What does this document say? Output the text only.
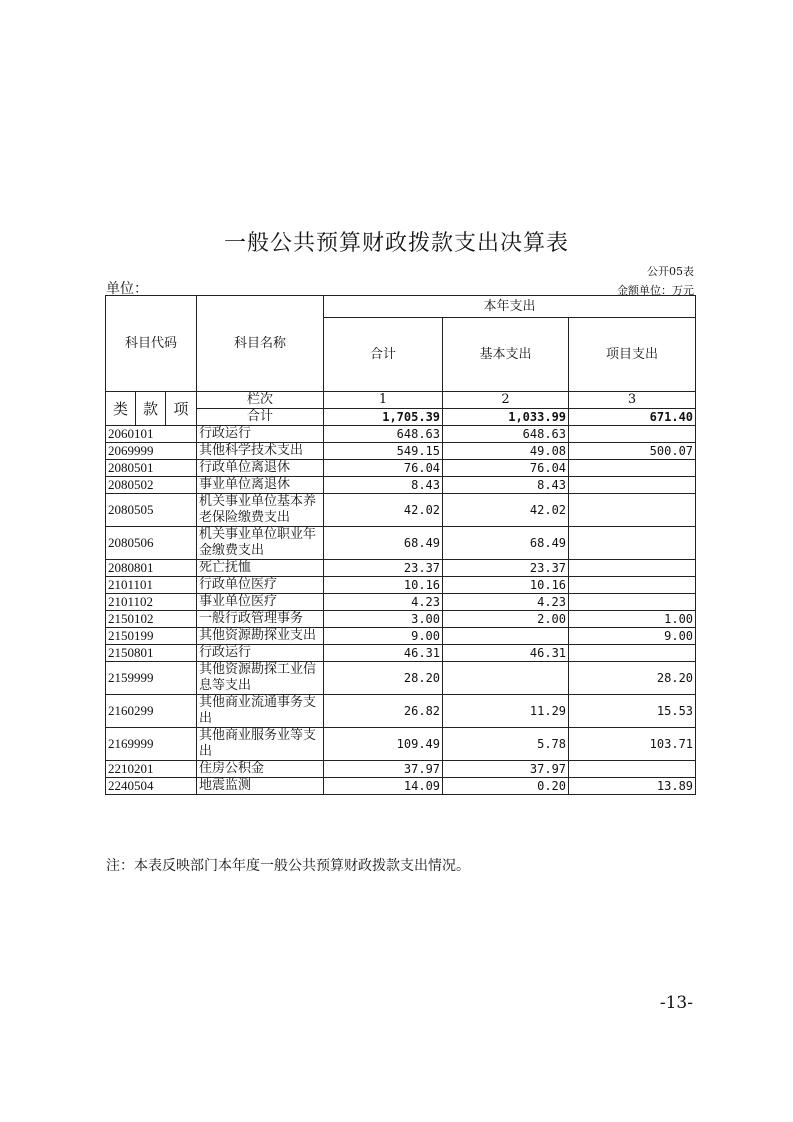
一般公共预算财政拨款支出决算表
公开05表
单位：	金额单位：万元
科目代码			科目名称	本年支出		
				合计	基本支出	项目支出

类	款	项	栏次	1	2	3
			合计	1,705.39	1,033.99	671.40
2060101			行政运行	648.63	648.63	
2069999			其他科学技术支出	549.15	49.08	500.07
2080501			行政单位离退休	76.04	76.04	
2080502			事业单位离退休	8.43	8.43	
2080505			机关事业单位基本养老保险缴费支出	42.02	42.02	
2080506			机关事业单位职业年金缴费支出	68.49	68.49	
2080801			死亡抚恤	23.37	23.37	
2101101			行政单位医疗	10.16	10.16	
2101102			事业单位医疗	4.23	4.23	
2150102			一般行政管理事务	3.00	2.00	1.00
2150199			其他资源勘探业支出	9.00		9.00
2150801			行政运行	46.31	46.31	
2159999			其他资源勘探工业信息等支出	28.20		28.20
2160299			其他商业流通事务支出	26.82	11.29	15.53
2169999			其他商业服务业等支出	109.49	5.78	103.71
2210201			住房公积金	37.97	37.97	
2240504			地震监测	14.09	0.20	13.89
注：本表反映部门本年度一般公共预算财政拨款支出情况。
-13-
